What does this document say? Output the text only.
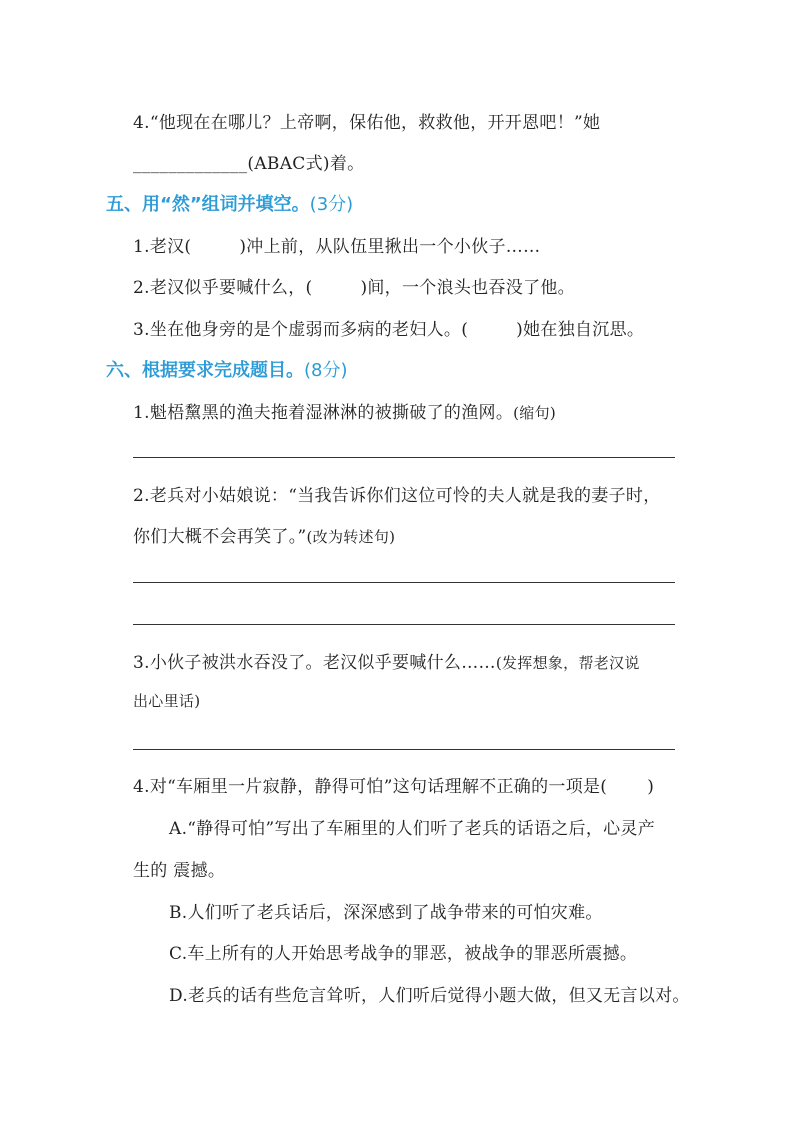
4.“他现在在哪儿？上帝啊，保佑他，救救他，开开恩吧！”她
_____________(ABAC式)着。
五、用“然”组词并填空。(3分)
1.老汉(	)冲上前，从队伍里揪出一个小伙子……
2.老汉似乎要喊什么，(	)间，一个浪头也吞没了他。
3.坐在他身旁的是个虚弱而多病的老妇人。(	)她在独自沉思。
六、根据要求完成题目。(8分)
1.魁梧黧黑的渔夫拖着湿淋淋的被撕破了的渔网。(缩句)
2.老兵对小姑娘说：“当我告诉你们这位可怜的夫人就是我的妻子时，
你们大概不会再笑了。”(改为转述句)
3.小伙子被洪水吞没了。老汉似乎要喊什么……(发挥想象，帮老汉说
出心里话)
4.对“车厢里一片寂静，静得可怕”这句话理解不正确的一项是( )
A.“静得可怕”写出了车厢里的人们听了老兵的话语之后，心灵产
生的 震撼。
B.人们听了老兵话后，深深感到了战争带来的可怕灾难。
C.车上所有的人开始思考战争的罪恶，被战争的罪恶所震撼。
D.老兵的话有些危言耸听，人们听后觉得小题大做，但又无言以对。
